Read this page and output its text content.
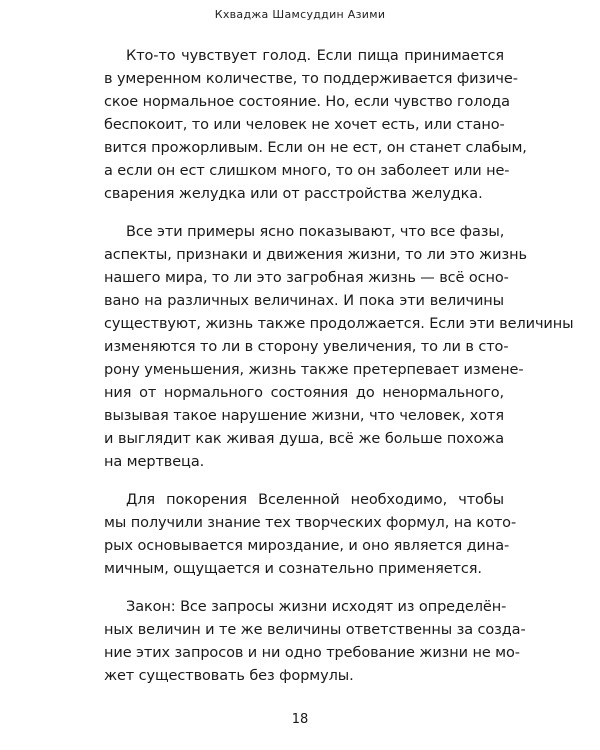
Кхваджа Шамсуддин Азими
Кто-то чувствует голод. Если пища принимается
в умеренном количестве, то поддерживается физиче-
ское нормальное состояние. Но, если чувство голода
беспокоит, то или человек не хочет есть, или стано-
вится прожорливым. Если он не ест, он станет слабым,
а если он ест слишком много, то он заболеет или не-
сварения желудка или от расстройства желудка.
Все эти примеры ясно показывают, что все фазы,
аспекты, признаки и движения жизни, то ли это жизнь
нашего мира, то ли это загробная жизнь — всё осно-
вано на различных величинах. И пока эти величины
существуют, жизнь также продолжается. Если эти величины
изменяются то ли в сторону увеличения, то ли в сто-
рону уменьшения, жизнь также претерпевает измене-
ния от нормального состояния до ненормального,
вызывая такое нарушение жизни, что человек, хотя
и выглядит как живая душа, всё же больше похожа
на мертвеца.
Для покорения Вселенной необходимо, чтобы
мы получили знание тех творческих формул, на кото-
рых основывается мироздание, и оно является дина-
мичным, ощущается и сознательно применяется.
Закон: Все запросы жизни исходят из определён-
ных величин и те же величины ответственны за созда-
ние этих запросов и ни одно требование жизни не мо-
жет существовать без формулы.
18
